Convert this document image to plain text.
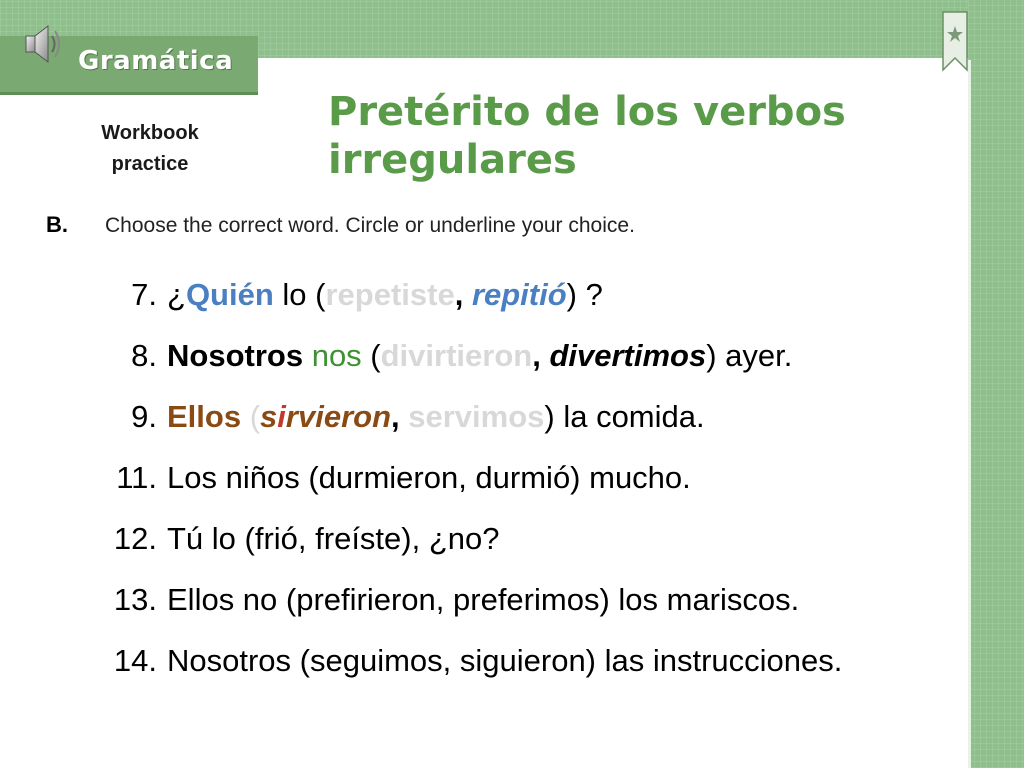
Gramática
Workbook
practice
Pretérito de los verbos
irregulares
B. Choose the correct word. Circle or underline your choice.
7. ¿Quién lo (repetiste, repitió) ?
8. Nosotros nos (divirtieron, divertimos) ayer.
9. Ellos (sirvieron, servimos) la comida.
11. Los niños (durmieron, durmió) mucho.
12. Tú lo (frió, freíste), ¿no?
13. Ellos no (prefirieron, preferimos) los mariscos.
14. Nosotros (seguimos, siguieron) las instrucciones.
